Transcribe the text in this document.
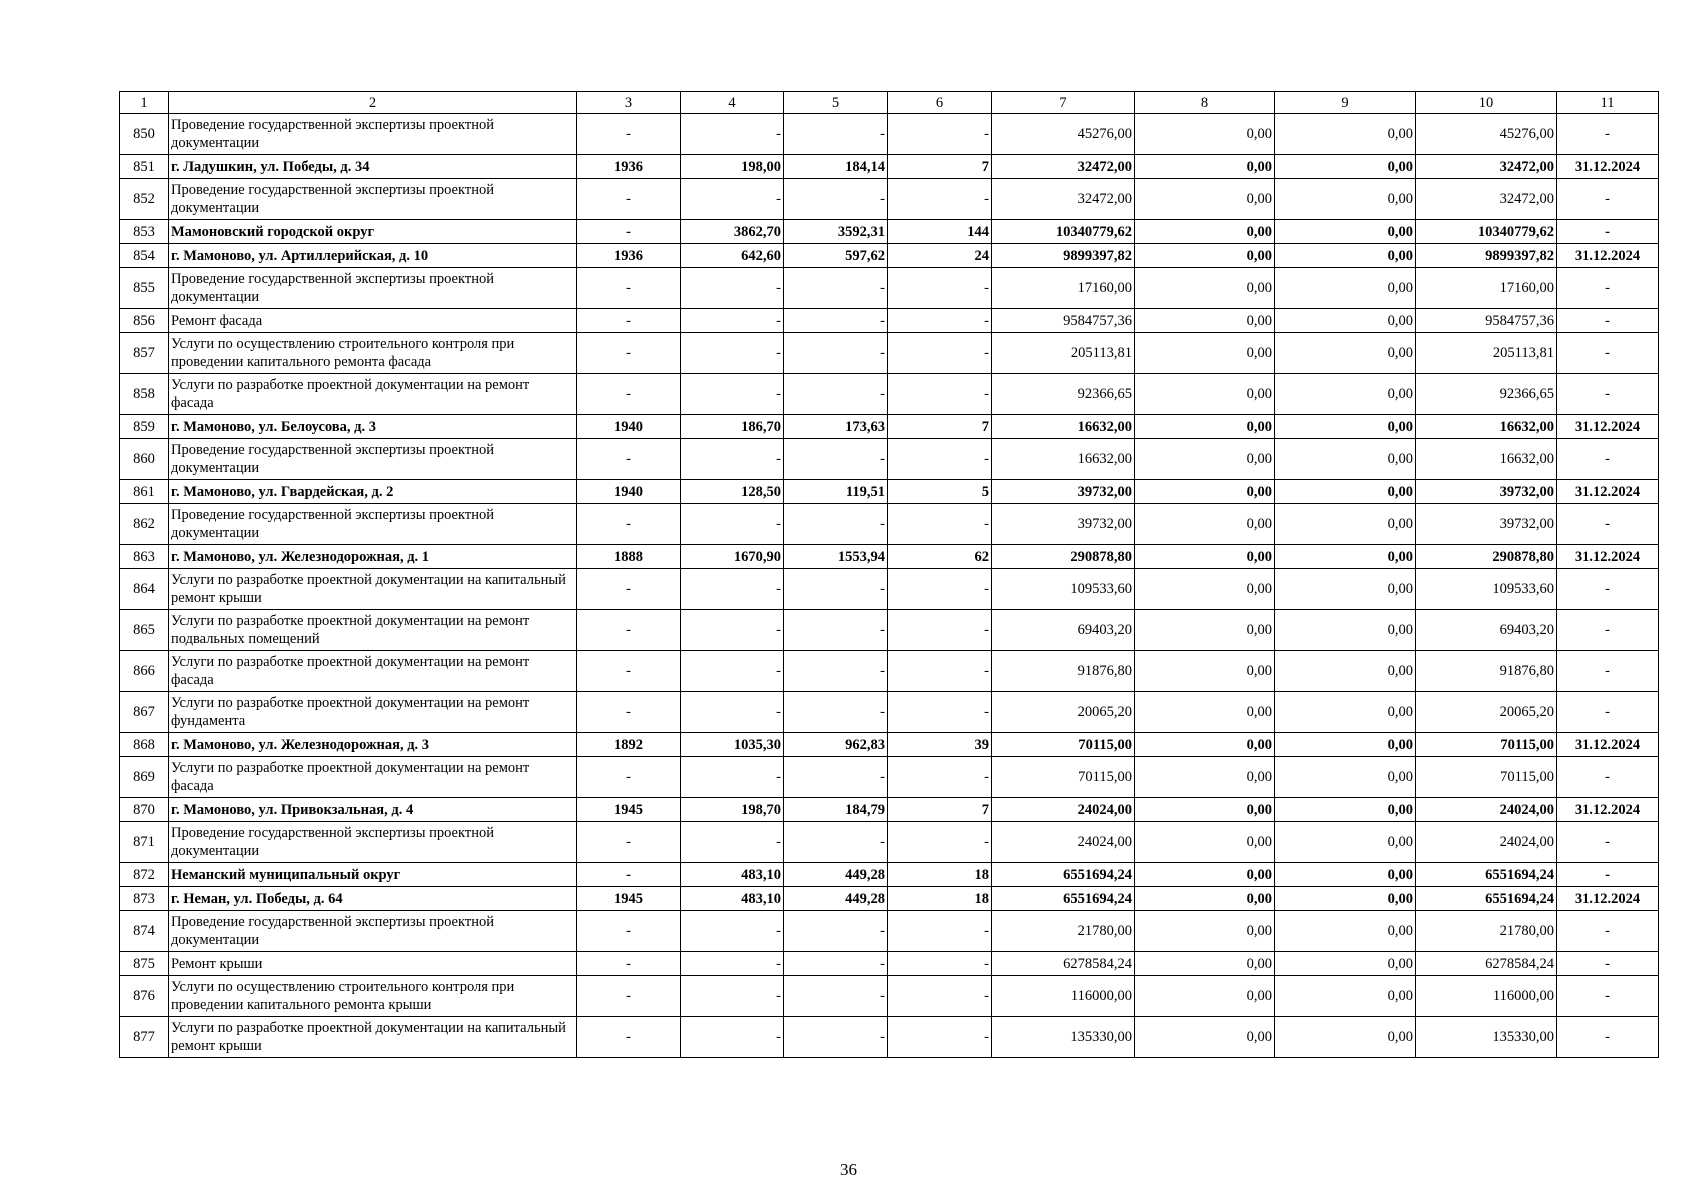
1	2	3	4	5	6	7	8	9	10	11
850	Проведение государственной экспертизы проектной документации	-	-	-	-	45276,00	0,00	0,00	45276,00	-
851	г. Ладушкин, ул. Победы, д. 34	1936	198,00	184,14	7	32472,00	0,00	0,00	32472,00	31.12.2024
852	Проведение государственной экспертизы проектной документации	-	-	-	-	32472,00	0,00	0,00	32472,00	-
853	Мамоновский городской округ	-	3862,70	3592,31	144	10340779,62	0,00	0,00	10340779,62	-
854	г. Мамоново, ул. Артиллерийская, д. 10	1936	642,60	597,62	24	9899397,82	0,00	0,00	9899397,82	31.12.2024
855	Проведение государственной экспертизы проектной документации	-	-	-	-	17160,00	0,00	0,00	17160,00	-
856	Ремонт фасада	-	-	-	-	9584757,36	0,00	0,00	9584757,36	-
857	Услуги по осуществлению строительного контроля при проведении капитального ремонта фасада	-	-	-	-	205113,81	0,00	0,00	205113,81	-
858	Услуги по разработке проектной документации на ремонт фасада	-	-	-	-	92366,65	0,00	0,00	92366,65	-
859	г. Мамоново, ул. Белоусова, д. 3	1940	186,70	173,63	7	16632,00	0,00	0,00	16632,00	31.12.2024
860	Проведение государственной экспертизы проектной документации	-	-	-	-	16632,00	0,00	0,00	16632,00	-
861	г. Мамоново, ул. Гвардейская, д. 2	1940	128,50	119,51	5	39732,00	0,00	0,00	39732,00	31.12.2024
862	Проведение государственной экспертизы проектной документации	-	-	-	-	39732,00	0,00	0,00	39732,00	-
863	г. Мамоново, ул. Железнодорожная, д. 1	1888	1670,90	1553,94	62	290878,80	0,00	0,00	290878,80	31.12.2024
864	Услуги по разработке проектной документации на капитальный ремонт крыши	-	-	-	-	109533,60	0,00	0,00	109533,60	-
865	Услуги по разработке проектной документации на ремонт подвальных помещений	-	-	-	-	69403,20	0,00	0,00	69403,20	-
866	Услуги по разработке проектной документации на ремонт фасада	-	-	-	-	91876,80	0,00	0,00	91876,80	-
867	Услуги по разработке проектной документации на ремонт фундамента	-	-	-	-	20065,20	0,00	0,00	20065,20	-
868	г. Мамоново, ул. Железнодорожная, д. 3	1892	1035,30	962,83	39	70115,00	0,00	0,00	70115,00	31.12.2024
869	Услуги по разработке проектной документации на ремонт фасада	-	-	-	-	70115,00	0,00	0,00	70115,00	-
870	г. Мамоново, ул. Привокзальная, д. 4	1945	198,70	184,79	7	24024,00	0,00	0,00	24024,00	31.12.2024
871	Проведение государственной экспертизы проектной документации	-	-	-	-	24024,00	0,00	0,00	24024,00	-
872	Неманский муниципальный округ	-	483,10	449,28	18	6551694,24	0,00	0,00	6551694,24	-
873	г. Неман, ул. Победы, д. 64	1945	483,10	449,28	18	6551694,24	0,00	0,00	6551694,24	31.12.2024
874	Проведение государственной экспертизы проектной документации	-	-	-	-	21780,00	0,00	0,00	21780,00	-
875	Ремонт крыши	-	-	-	-	6278584,24	0,00	0,00	6278584,24	-
876	Услуги по осуществлению строительного контроля при проведении капитального ремонта крыши	-	-	-	-	116000,00	0,00	0,00	116000,00	-
877	Услуги по разработке проектной документации на капитальный ремонт крыши	-	-	-	-	135330,00	0,00	0,00	135330,00	-
36
